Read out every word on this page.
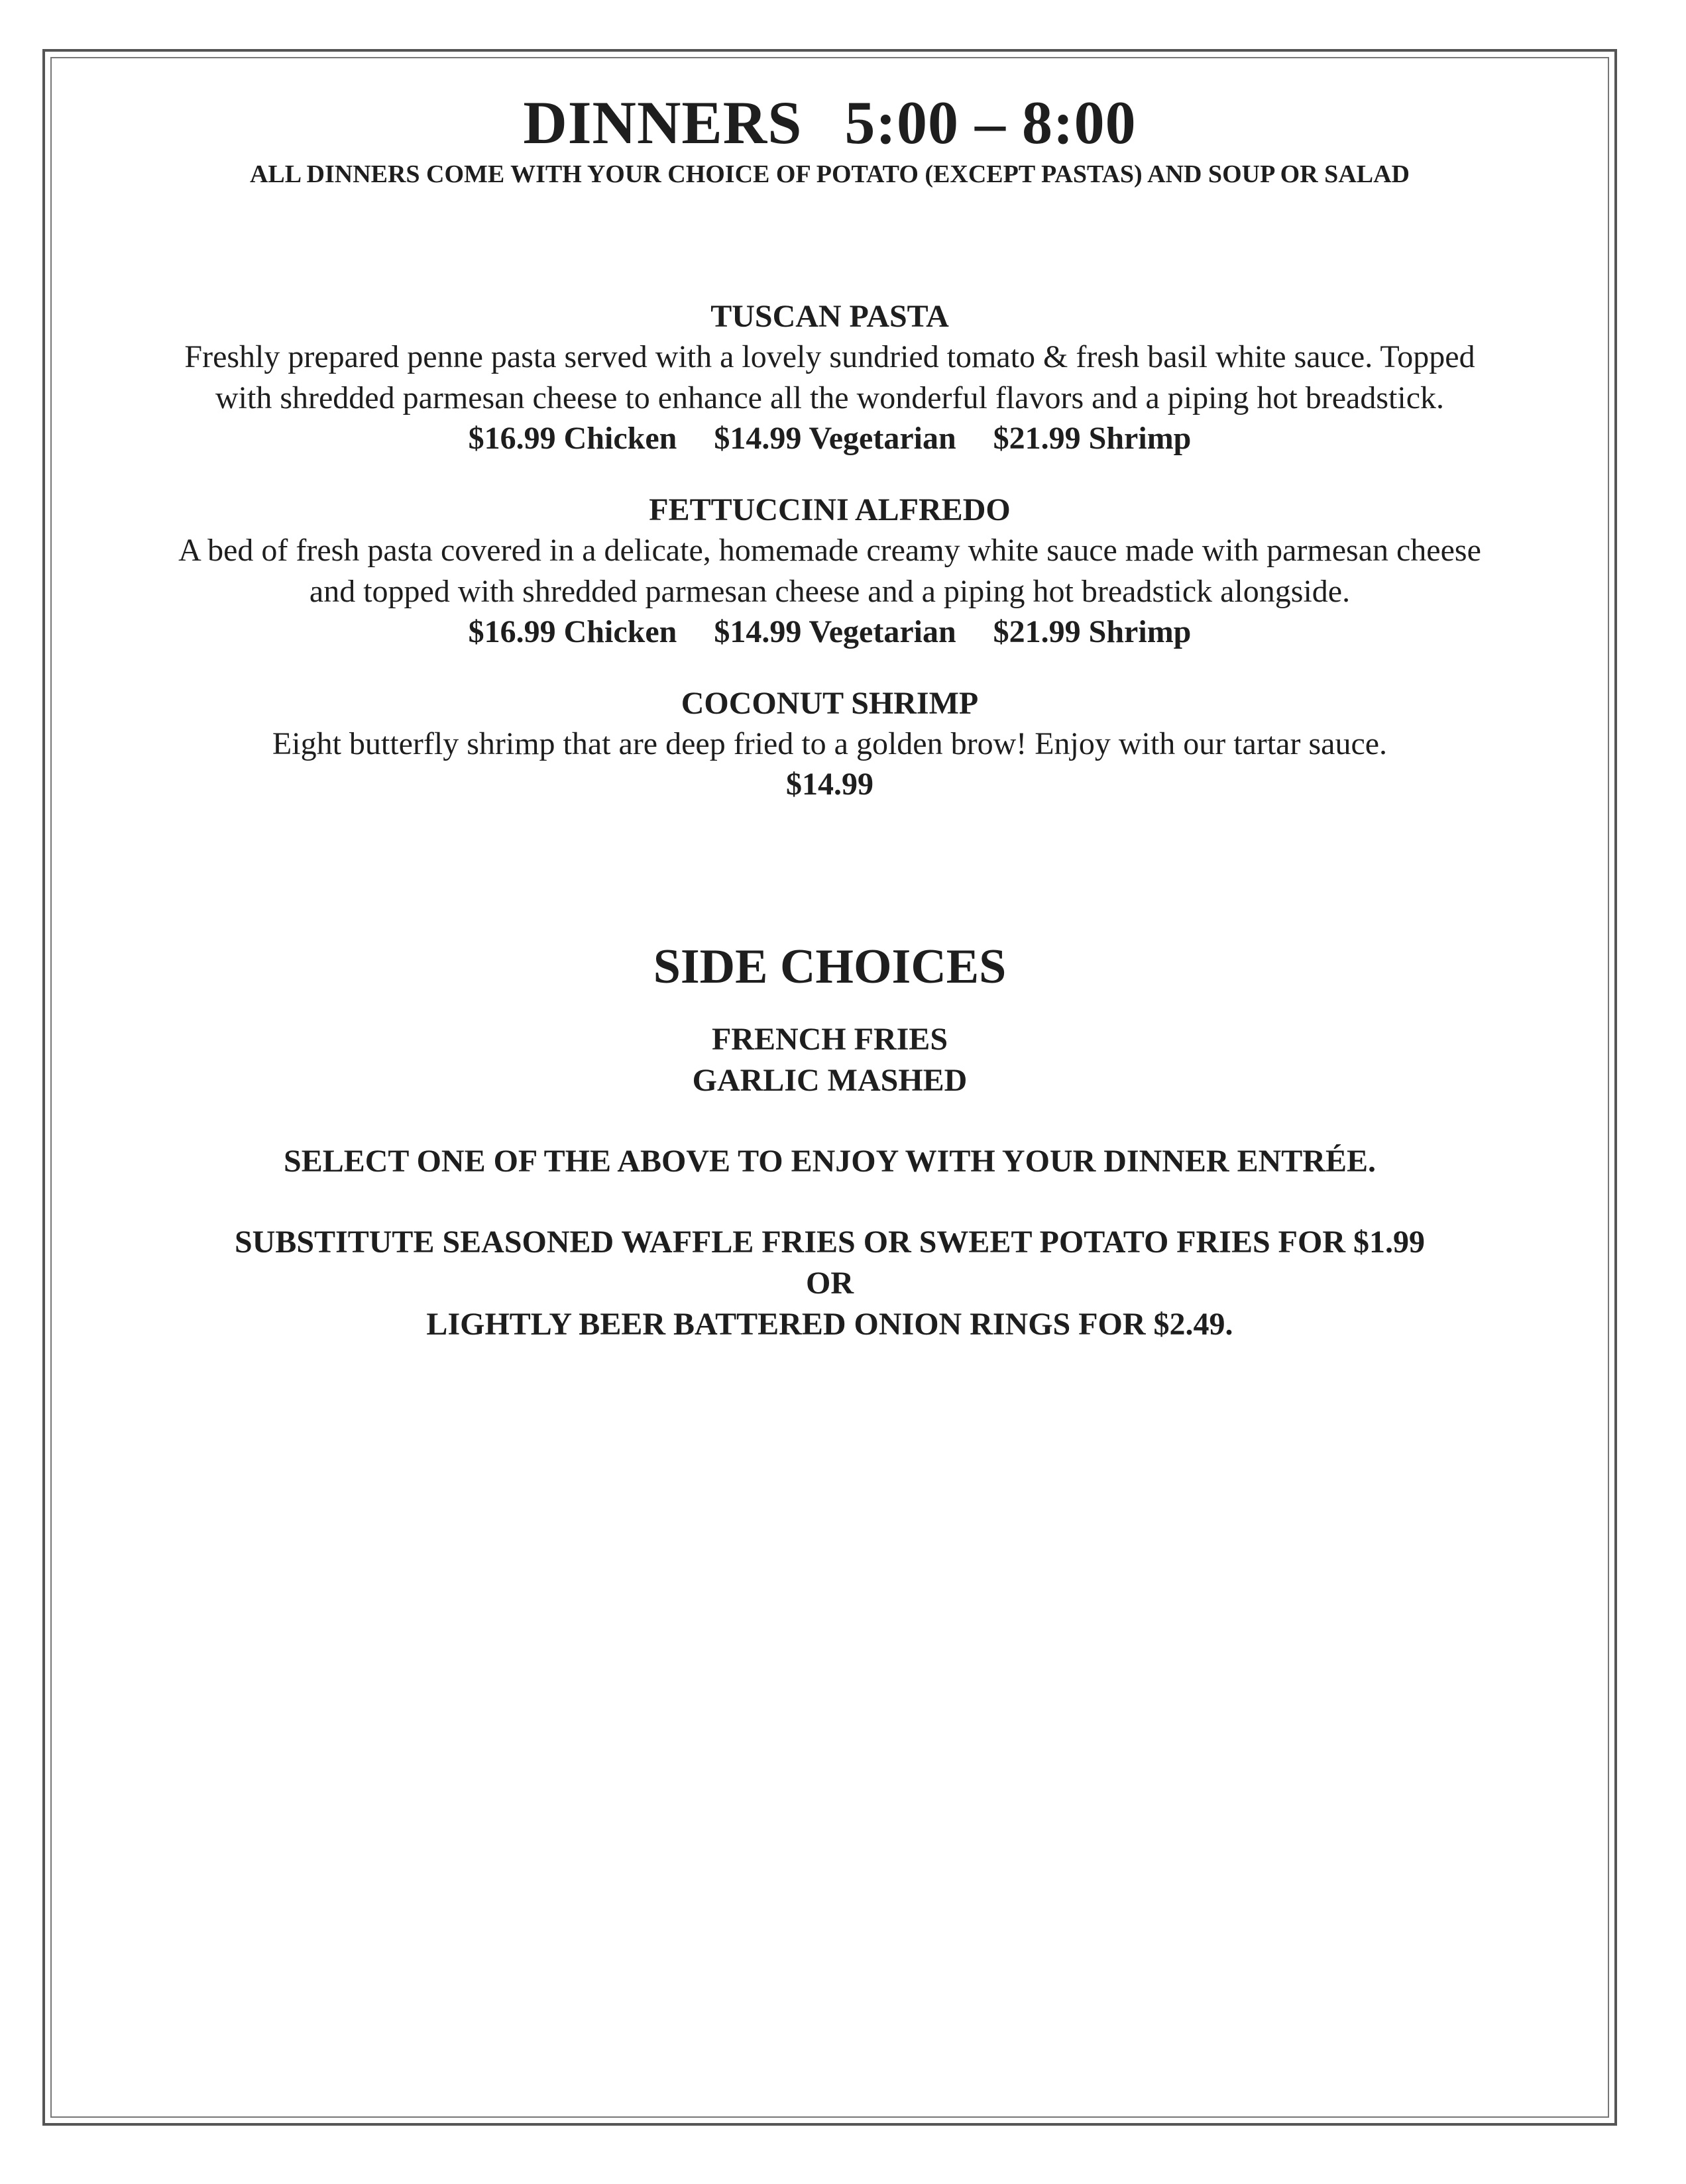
DINNERS 5:00 – 8:00

ALL DINNERS COME WITH YOUR CHOICE OF POTATO (EXCEPT PASTAS) AND SOUP OR SALAD

TUSCAN PASTA
Freshly prepared penne pasta served with a lovely sundried tomato & fresh basil white sauce. Topped
with shredded parmesan cheese to enhance all the wonderful flavors and a piping hot breadstick.
$16.99 Chicken $14.99 Vegetarian $21.99 Shrimp
FETTUCCINI ALFREDO
A bed of fresh pasta covered in a delicate, homemade creamy white sauce made with parmesan cheese
and topped with shredded parmesan cheese and a piping hot breadstick alongside.
$16.99 Chicken $14.99 Vegetarian $21.99 Shrimp
COCONUT SHRIMP
Eight butterfly shrimp that are deep fried to a golden brow! Enjoy with our tartar sauce.
$14.99
SIDE CHOICES
FRENCH FRIES
GARLIC MASHED
SELECT ONE OF THE ABOVE TO ENJOY WITH YOUR DINNER ENTRÉE.
SUBSTITUTE SEASONED WAFFLE FRIES OR SWEET POTATO FRIES FOR $1.99
OR
LIGHTLY BEER BATTERED ONION RINGS FOR $2.49.
